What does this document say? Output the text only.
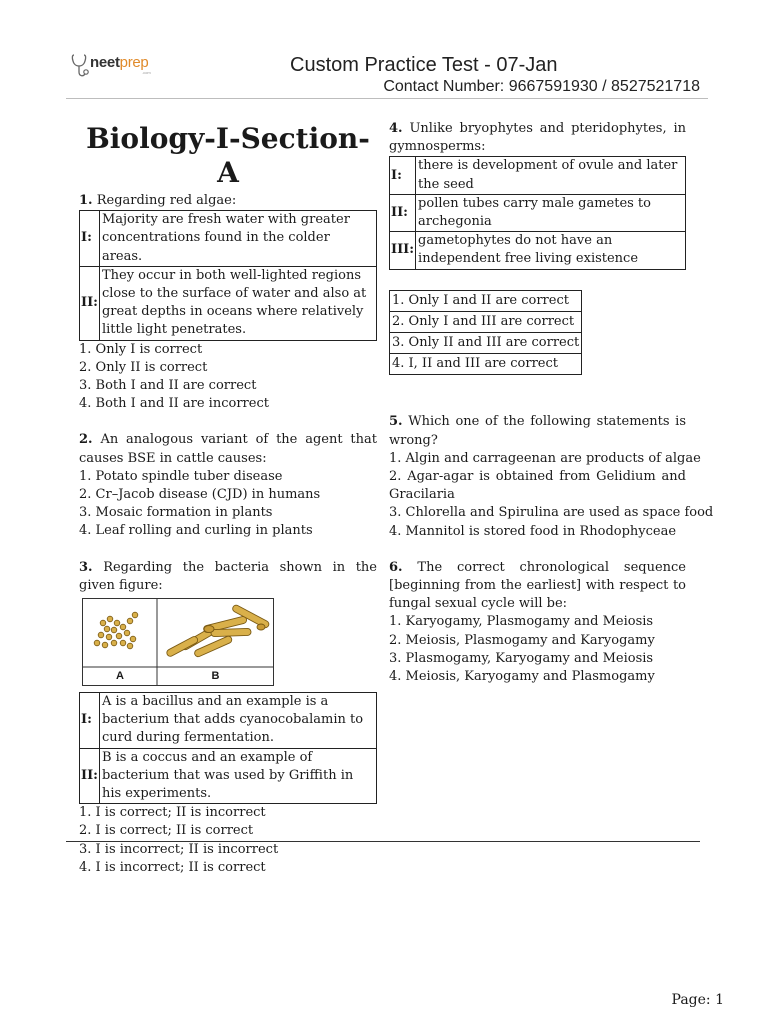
neetprep
.com	Custom Practice Test - 07-Jan
Contact Number: 9667591930 / 8527521718
Biology-I-Section-A

1. Regarding red algae:

I:	Majority are fresh water with greater concentrations found in the colder areas.
II:	They occur in both well-lighted regions close to the surface of water and also at great depths in oceans where relatively little light penetrates.
1. Only I is correct
2. Only II is correct
3. Both I and II are correct
4. Both I and II are incorrect

2. An analogous variant of the agent that causes BSE in cattle causes:

1. Potato spindle tuber disease
2. Cr–Jacob disease (CJD) in humans
3. Mosaic formation in plants
4. Leaf rolling and curling in plants

3. Regarding the bacteria shown in the given figure:

A	B
I:	A is a bacillus and an example is a bacterium that adds cyanocobalamin to curd during fermentation.
II:	B is a coccus and an example of bacterium that was used by Griffith in his experiments.
1. I is correct; II is incorrect
2. I is correct; II is correct
3. I is incorrect; II is incorrect
4. I is incorrect; II is correct

4. Unlike bryophytes and pteridophytes, in gymnosperms:

I:	there is development of ovule and later the seed
II:	pollen tubes carry male gametes to archegonia
III:	gametophytes do not have an independent free living existence
1. Only I and II are correct
2. Only I and III are correct
3. Only II and III are correct
4. I, II and III are correct

5. Which one of the following statements is wrong?

1. Algin and carrageenan are products of algae
2. Agar-agar is obtained from Gelidium and Gracilaria
3. Chlorella and Spirulina are used as space food
4. Mannitol is stored food in Rhodophyceae

6. The correct chronological sequence [beginning from the earliest] with respect to fungal sexual cycle will be:

1. Karyogamy, Plasmogamy and Meiosis
2. Meiosis, Plasmogamy and Karyogamy
3. Plasmogamy, Karyogamy and Meiosis
4. Meiosis, Karyogamy and Plasmogamy
Page: 1
